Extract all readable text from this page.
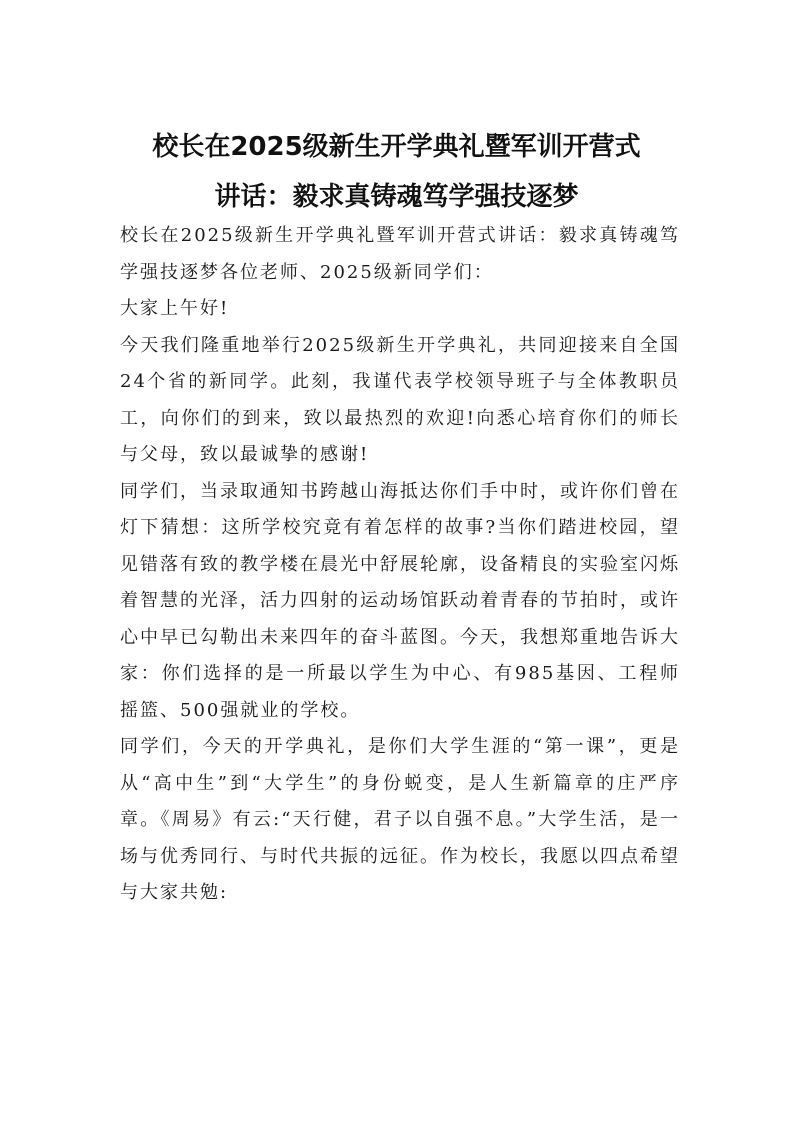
校长在2025级新生开学典礼暨军训开营式
讲话：毅求真铸魂笃学强技逐梦

校长在2025级新生开学典礼暨军训开营式讲话：毅求真铸魂笃学强技逐梦各位老师、2025级新同学们：

大家上午好!

今天我们隆重地举行2025级新生开学典礼，共同迎接来自全国24个省的新同学。此刻，我谨代表学校领导班子与全体教职员工，向你们的到来，致以最热烈的欢迎!向悉心培育你们的师长与父母，致以最诚挚的感谢!

同学们，当录取通知书跨越山海抵达你们手中时，或许你们曾在灯下猜想：这所学校究竟有着怎样的故事?当你们踏进校园，望见错落有致的教学楼在晨光中舒展轮廓，设备精良的实验室闪烁着智慧的光泽，活力四射的运动场馆跃动着青春的节拍时，或许心中早已勾勒出未来四年的奋斗蓝图。今天，我想郑重地告诉大家：你们选择的是一所最以学生为中心、有985基因、工程师摇篮、500强就业的学校。

同学们，今天的开学典礼，是你们大学生涯的“第一课”，更是从“高中生”到“大学生”的身份蜕变，是人生新篇章的庄严序章。《周易》有云:“天行健，君子以自强不息。”大学生活，是一场与优秀同行、与时代共振的远征。作为校长，我愿以四点希望与大家共勉:
